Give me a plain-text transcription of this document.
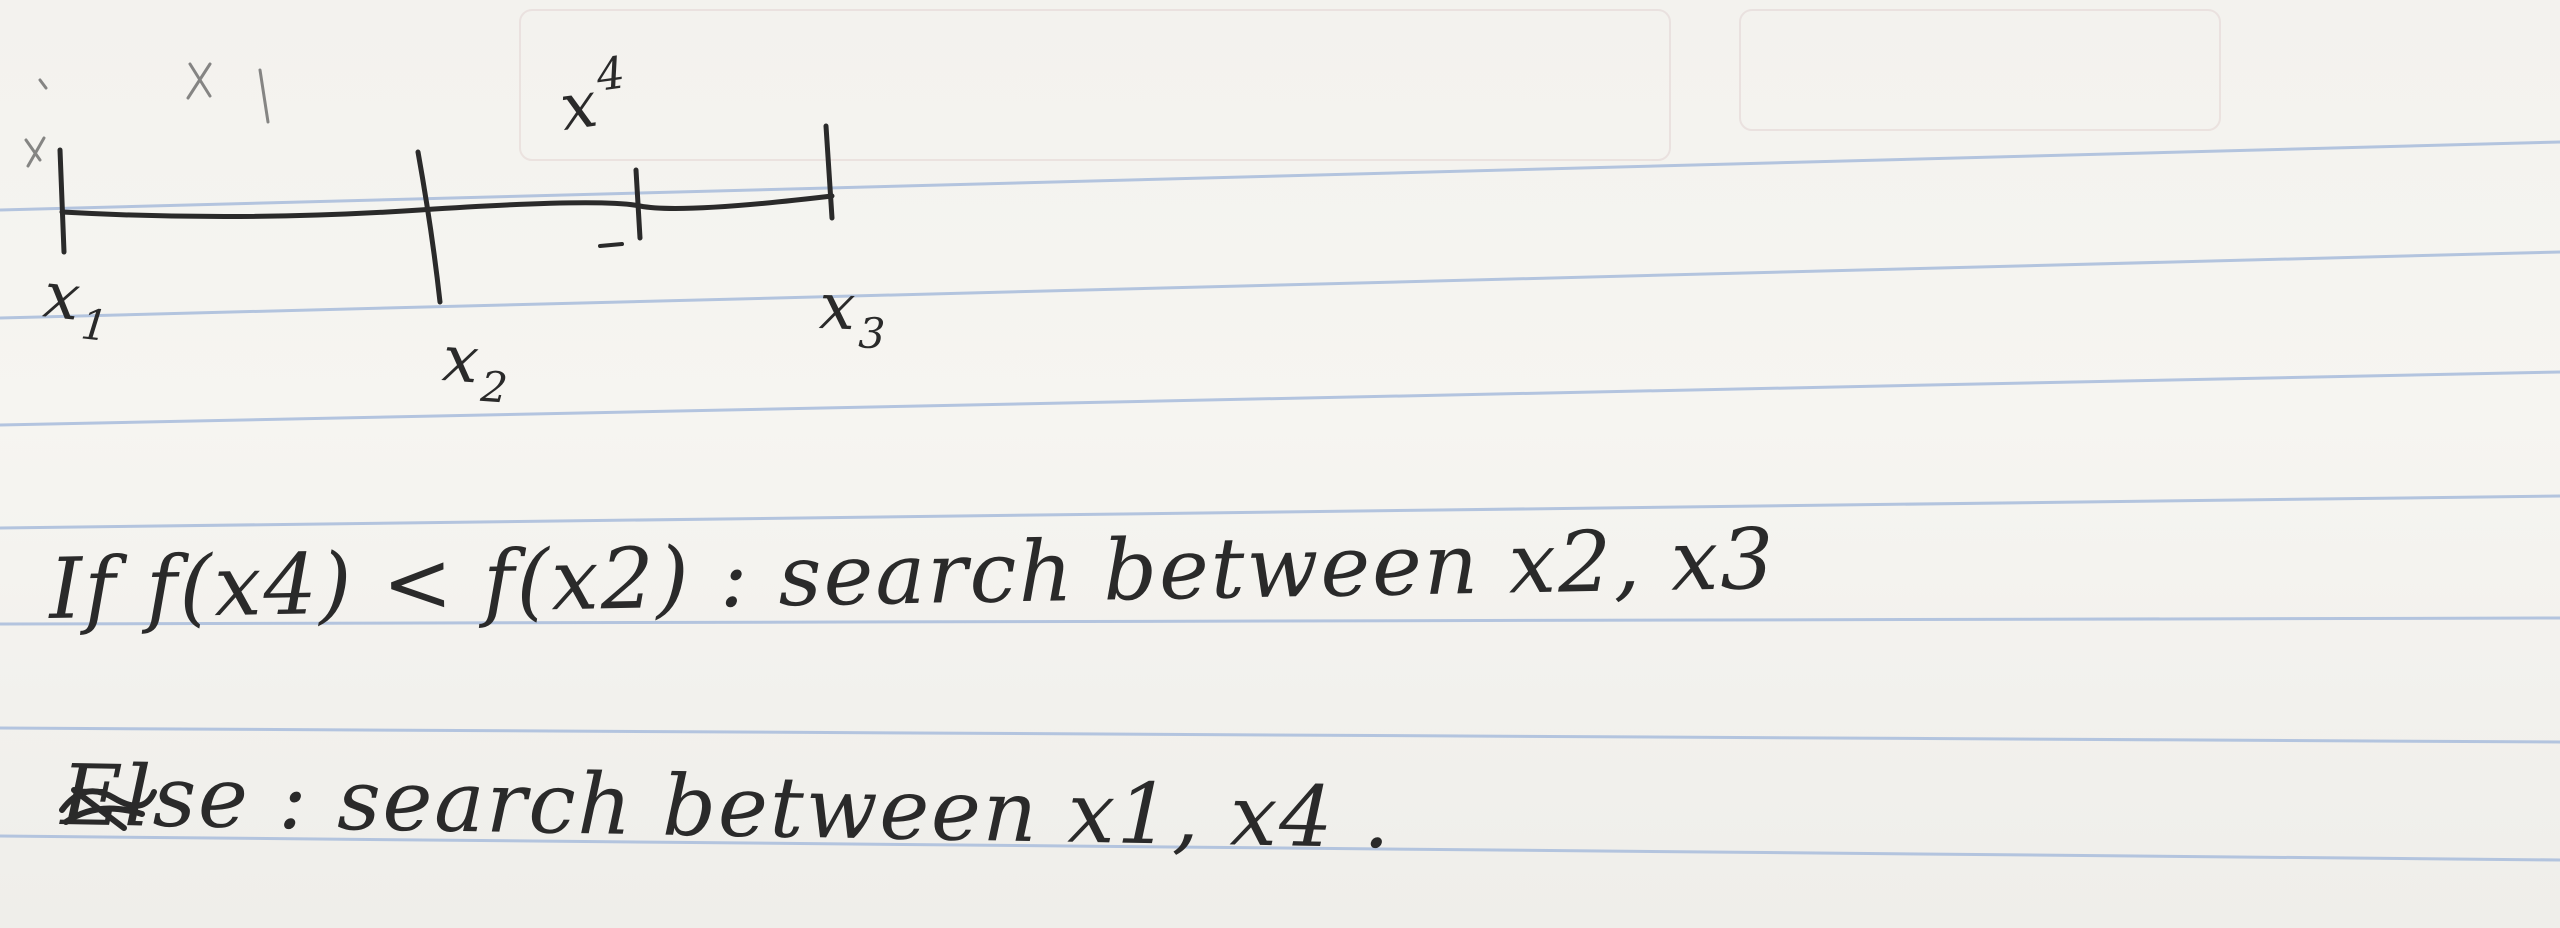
$x_1$	$x_2$
$x_3$
$x^4$
If f(x4) < f(x2) : search between x2, x3
Else : search between x1, x4 .
